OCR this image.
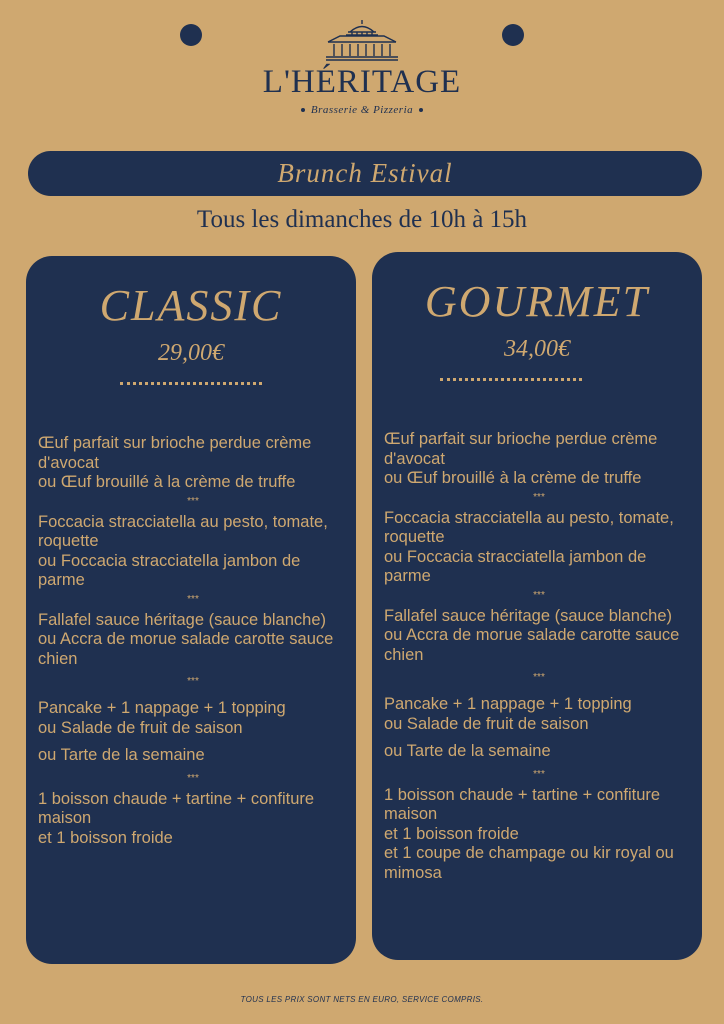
L'HÉRITAGE
Brasserie & Pizzeria
Brunch Estival
Tous les dimanches de 10h à 15h
CLASSIC
29,00€

Œuf parfait sur brioche perdue crème d'avocat

ou Œuf brouillé à la crème de truffe

***

Foccacia stracciatella au pesto, tomate, roquette

ou Foccacia stracciatella jambon de parme

***

Fallafel sauce héritage (sauce blanche)

ou Accra de morue salade carotte sauce chien

***

Pancake + 1 nappage + 1 topping

ou Salade de fruit de saison

ou Tarte de la semaine

***

1 boisson chaude + tartine + confiture maison

et 1 boisson froide

GOURMET
34,00€

Œuf parfait sur brioche perdue crème d'avocat

ou Œuf brouillé à la crème de truffe

***

Foccacia stracciatella au pesto, tomate, roquette

ou Foccacia stracciatella jambon de parme

***

Fallafel sauce héritage (sauce blanche)

ou Accra de morue salade carotte sauce chien

***

Pancake + 1 nappage + 1 topping

ou Salade de fruit de saison

ou Tarte de la semaine

***

1 boisson chaude + tartine + confiture maison

et 1 boisson froide

et 1 coupe de champage ou kir royal ou mimosa

TOUS LES PRIX SONT NETS EN EURO, SERVICE COMPRIS.
